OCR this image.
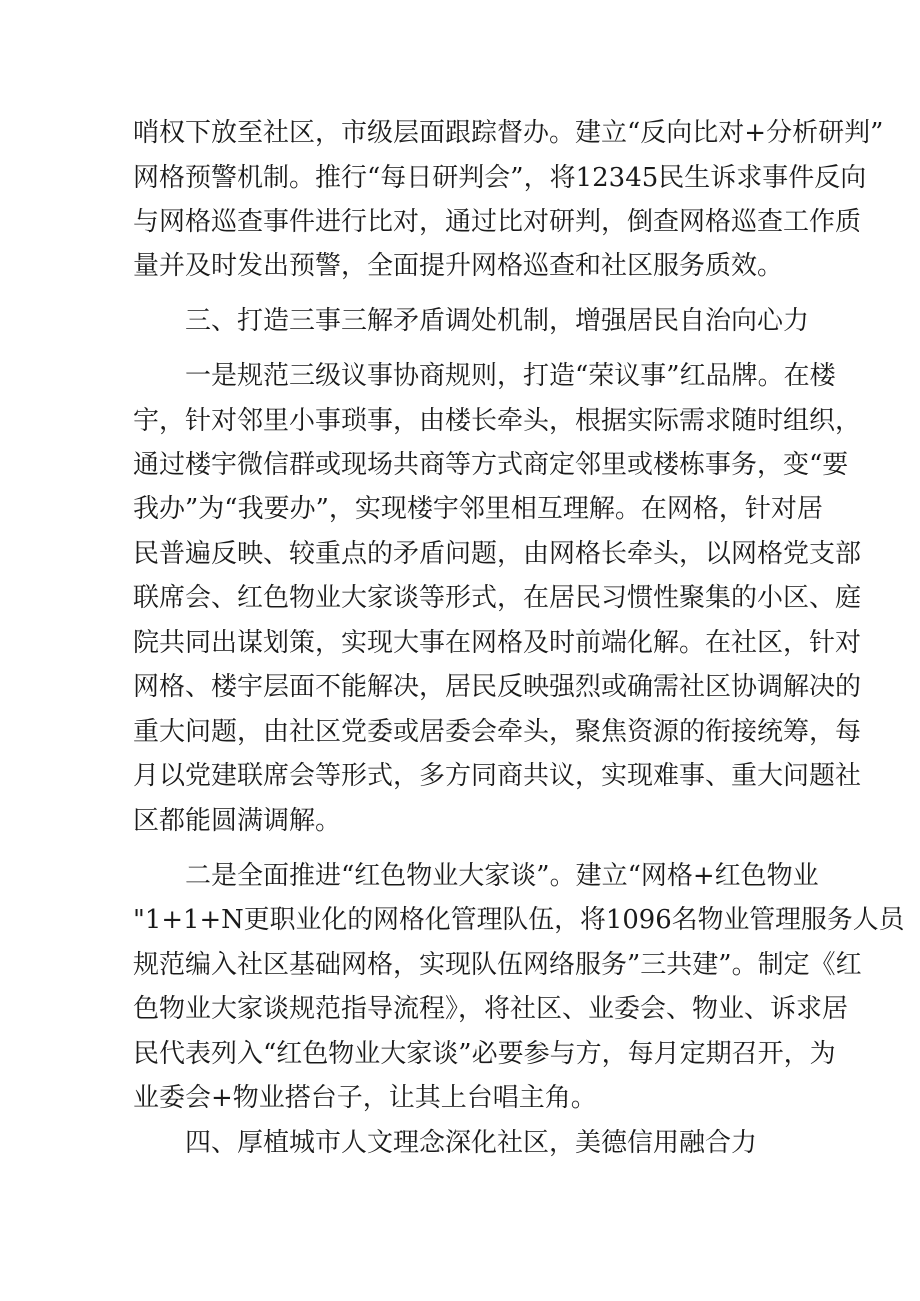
哨权下放至社区，市级层面跟踪督办。建立“反向比对+分析研判”
网格预警机制。推行“每日研判会”，将12345民生诉求事件反向
与网格巡查事件进行比对，通过比对研判，倒查网格巡查工作质
量并及时发出预警，全面提升网格巡查和社区服务质效。
三、打造三事三解矛盾调处机制，增强居民自治向心力
一是规范三级议事协商规则，打造“荣议事”红品牌。在楼
宇，针对邻里小事琐事，由楼长牵头，根据实际需求随时组织，
通过楼宇微信群或现场共商等方式商定邻里或楼栋事务，变“要
我办”为“我要办”，实现楼宇邻里相互理解。在网格，针对居
民普遍反映、较重点的矛盾问题，由网格长牵头，以网格党支部
联席会、红色物业大家谈等形式，在居民习惯性聚集的小区、庭
院共同出谋划策，实现大事在网格及时前端化解。在社区，针对
网格、楼宇层面不能解决，居民反映强烈或确需社区协调解决的
重大问题，由社区党委或居委会牵头，聚焦资源的衔接统筹，每
月以党建联席会等形式，多方同商共议，实现难事、重大问题社
区都能圆满调解。
二是全面推进“红色物业大家谈”。建立“网格+红色物业
"1+1+N更职业化的网格化管理队伍，将1096名物业管理服务人员
规范编入社区基础网格，实现队伍网络服务”三共建”。制定《红
色物业大家谈规范指导流程》，将社区、业委会、物业、诉求居
民代表列入“红色物业大家谈”必要参与方，每月定期召开，为
业委会+物业搭台子，让其上台唱主角。
四、厚植城市人文理念深化社区，美德信用融合力
